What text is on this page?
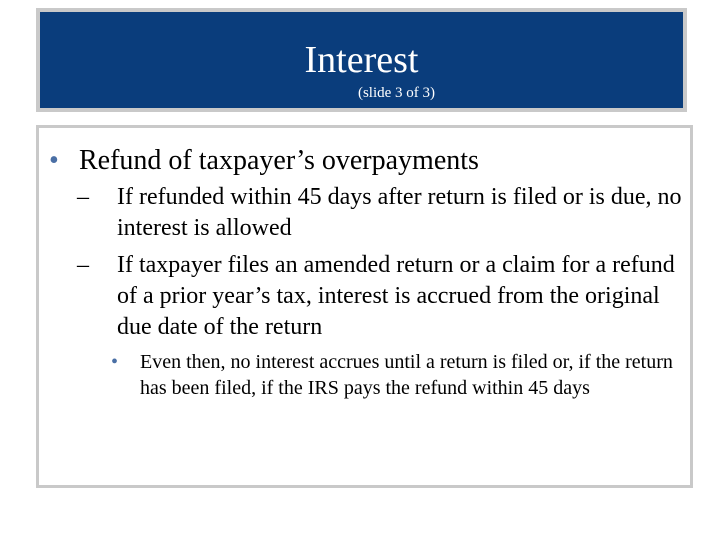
Interest
(slide 3 of 3)
• Refund of taxpayer’s overpayments
– If refunded within 45 days after return is filed or is due, no interest is allowed
– If taxpayer files an amended return or a claim for a refund of a prior year’s tax, interest is accrued from the original due date of the return
• Even then, no interest accrues until a return is filed or, if the return has been filed, if the IRS pays the refund within 45 days
